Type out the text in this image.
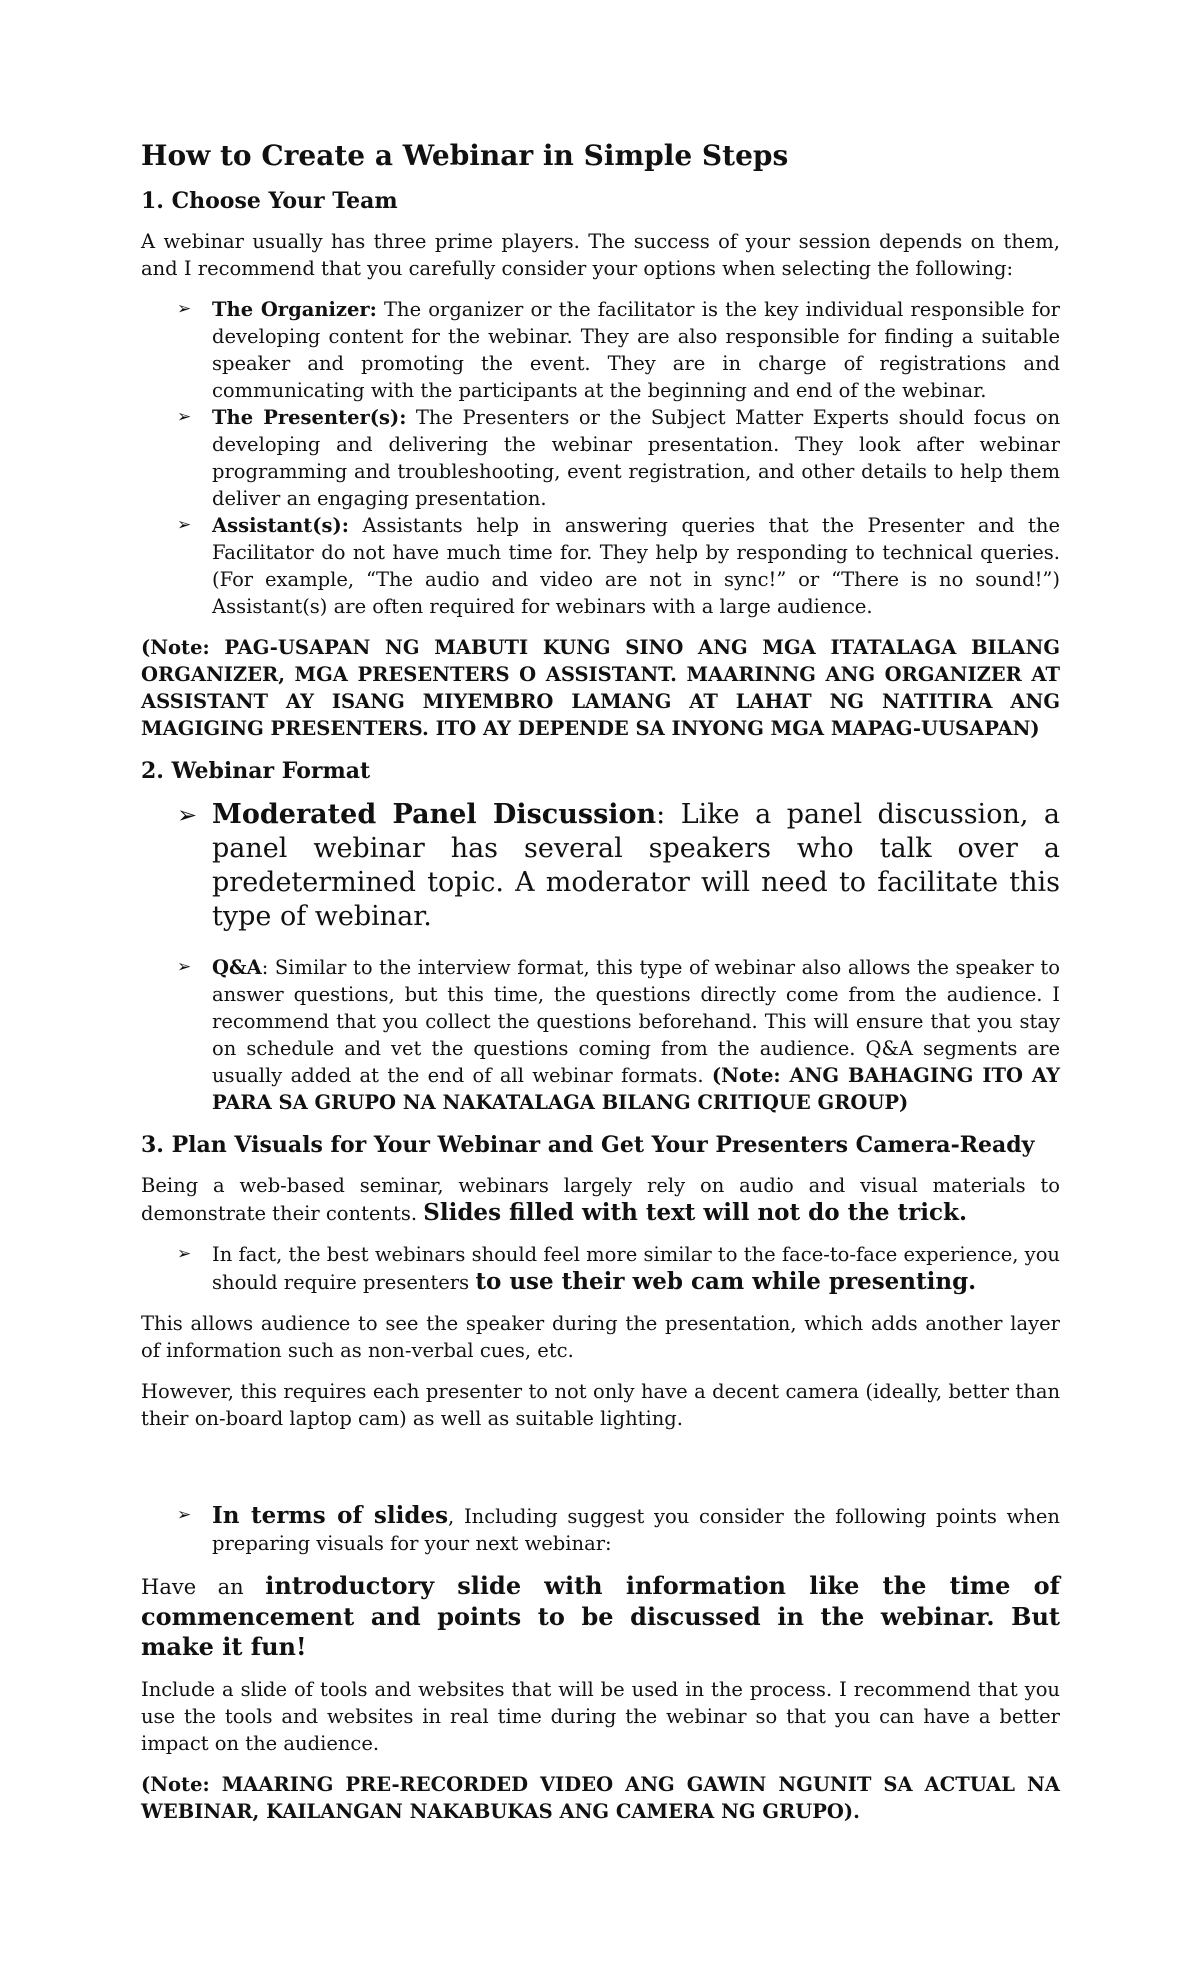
How to Create a Webinar in Simple Steps
1. Choose Your Team

A webinar usually has three prime players. The success of your session depends on them, and I recommend that you carefully consider your options when selecting the following:

➢ The Organizer: The organizer or the facilitator is the key individual responsible for developing content for the webinar. They are also responsible for finding a suitable speaker and promoting the event. They are in charge of registrations and communicating with the participants at the beginning and end of the webinar.
➢ The Presenter(s): The Presenters or the Subject Matter Experts should focus on developing and delivering the webinar presentation. They look after webinar programming and troubleshooting, event registration, and other details to help them deliver an engaging presentation.
➢ Assistant(s): Assistants help in answering queries that the Presenter and the Facilitator do not have much time for. They help by responding to technical queries. (For example, “The audio and video are not in sync!” or “There is no sound!”) Assistant(s) are often required for webinars with a large audience.

(Note: PAG-USAPAN NG MABUTI KUNG SINO ANG MGA ITATALAGA BILANG ORGANIZER, MGA PRESENTERS O ASSISTANT. MAARINNG ANG ORGANIZER AT ASSISTANT AY ISANG MIYEMBRO LAMANG AT LAHAT NG NATITIRA ANG MAGIGING PRESENTERS. ITO AY DEPENDE SA INYONG MGA MAPAG-UUSAPAN)

2. Webinar Format
➢ Moderated Panel Discussion: Like a panel discussion, a panel webinar has several speakers who talk over a predetermined topic. A moderator will need to facilitate this type of webinar.
➢ Q&A: Similar to the interview format, this type of webinar also allows the speaker to answer questions, but this time, the questions directly come from the audience. I recommend that you collect the questions beforehand. This will ensure that you stay on schedule and vet the questions coming from the audience. Q&A segments are usually added at the end of all webinar formats. (Note: ANG BAHAGING ITO AY PARA SA GRUPO NA NAKATALAGA BILANG CRITIQUE GROUP)
3. Plan Visuals for Your Webinar and Get Your Presenters Camera-Ready

Being a web-based seminar, webinars largely rely on audio and visual materials to demonstrate their contents. Slides filled with text will not do the trick.

➢ In fact, the best webinars should feel more similar to the face-to-face experience, you should require presenters to use their web cam while presenting.

This allows audience to see the speaker during the presentation, which adds another layer of information such as non-verbal cues, etc.

However, this requires each presenter to not only have a decent camera (ideally, better than their on-board laptop cam) as well as suitable lighting.

➢ In terms of slides, Including suggest you consider the following points when preparing visuals for your next webinar:

Have an introductory slide with information like the time of commencement and points to be discussed in the webinar. But make it fun!

Include a slide of tools and websites that will be used in the process. I recommend that you use the tools and websites in real time during the webinar so that you can have a better impact on the audience.

(Note: MAARING PRE-RECORDED VIDEO ANG GAWIN NGUNIT SA ACTUAL NA WEBINAR, KAILANGAN NAKABUKAS ANG CAMERA NG GRUPO).
